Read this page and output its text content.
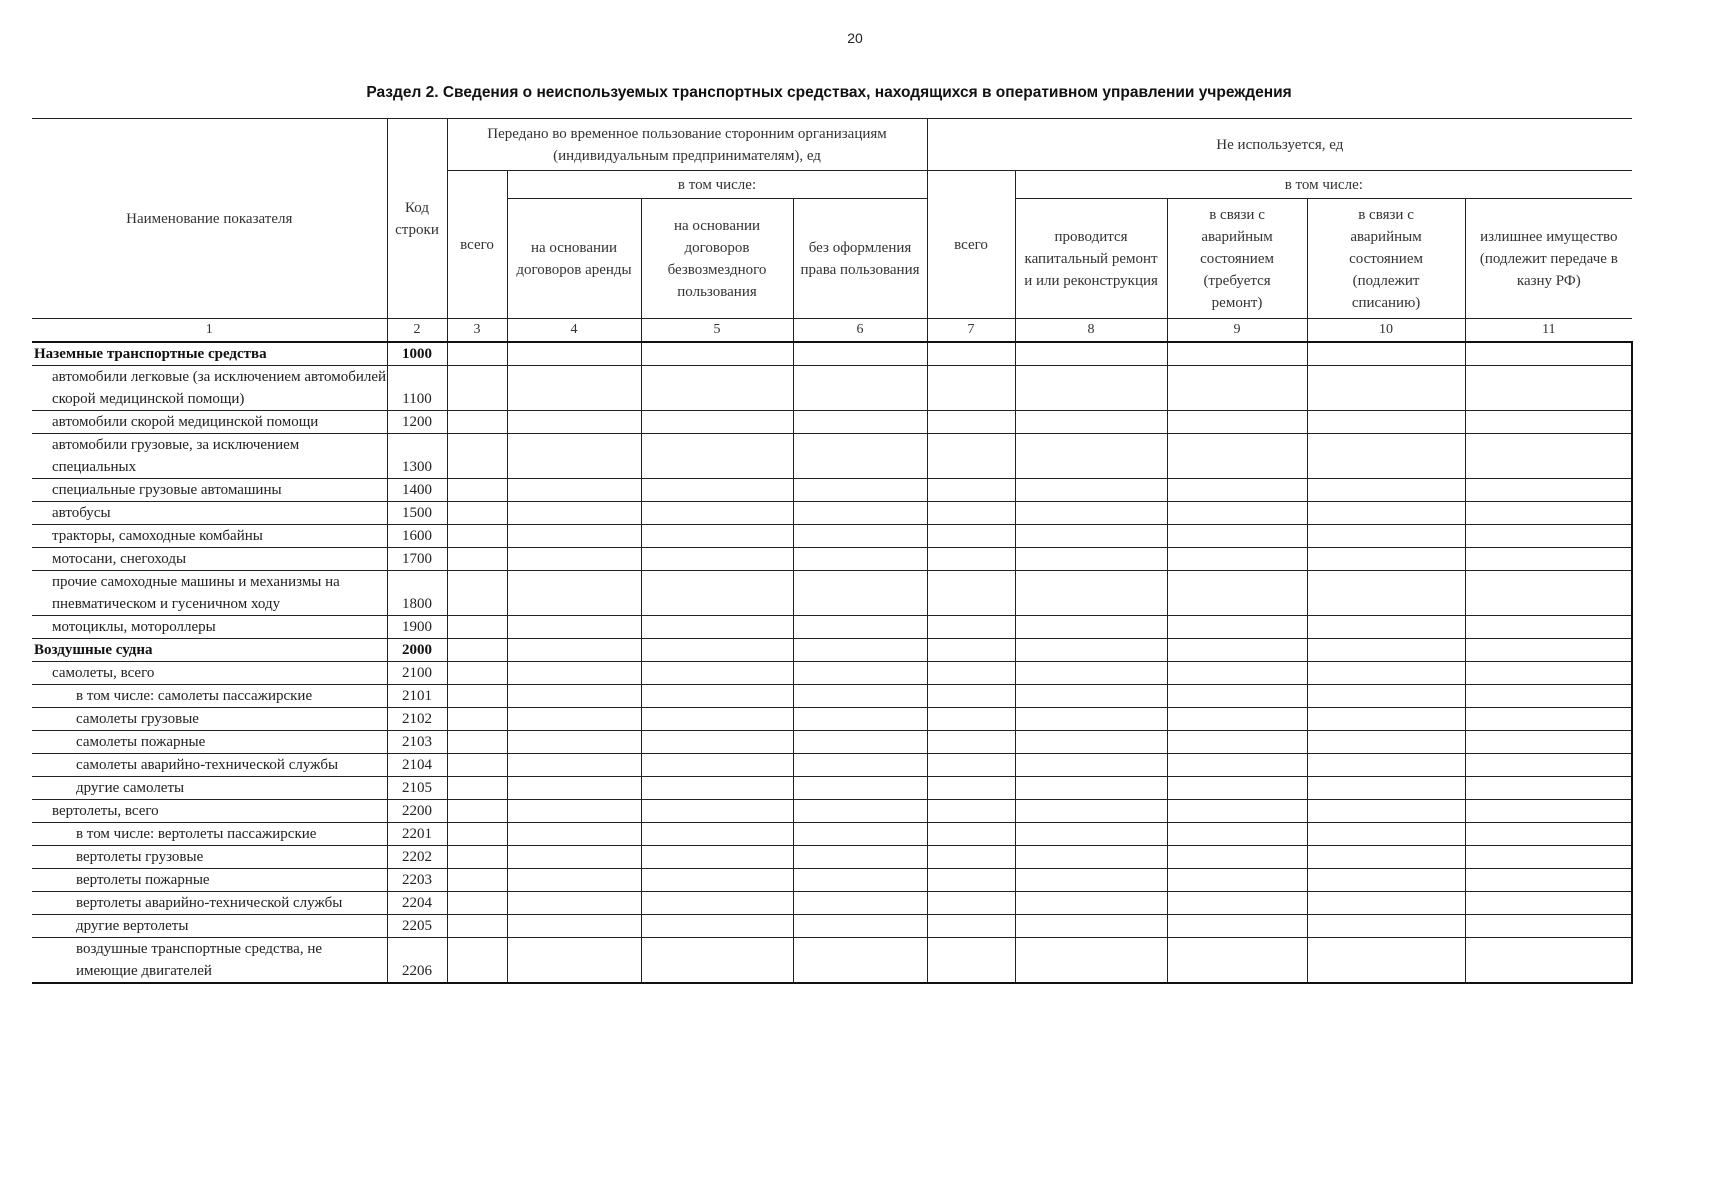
20
Раздел 2. Сведения о неиспользуемых транспортных средствах, находящихся в оперативном управлении учреждения
Наименование показателя	Код строки	Передано во временное пользование сторонним организациям (индивидуальным предпринимателям), ед				Не используется, ед				
		всего	в том числе:			всего	в том числе:			
			на основании договоров аренды	на основании договоров безвозмездного пользования	без оформления права пользования		проводится капитальный ремонт и или реконструкция	в связи с аварийным состоянием (требуется ремонт)	в связи с аварийным состоянием (подлежит списанию)	излишнее имущество (подлежит передаче в казну РФ)
1	2	3	4	5	6	7	8	9	10	11
Наземные транспортные средства	1000									
автомобили легковые (за исключением автомобилей скорой медицинской помощи)	1100									
автомобили скорой медицинской помощи	1200									
автомобили грузовые, за исключением специальных	1300									
специальные грузовые автомашины	1400									
автобусы	1500									
тракторы, самоходные комбайны	1600									
мотосани, снегоходы	1700									
прочие самоходные машины и механизмы на пневматическом и гусеничном ходу	1800									
мотоциклы, мотороллеры	1900									
Воздушные судна	2000									
самолеты, всего	2100									
в том числе: самолеты пассажирские	2101									
самолеты грузовые	2102									
самолеты пожарные	2103									
самолеты аварийно-технической службы	2104									
другие самолеты	2105									
вертолеты, всего	2200									
в том числе: вертолеты пассажирские	2201									
вертолеты грузовые	2202									
вертолеты пожарные	2203									
вертолеты аварийно-технической службы	2204									
другие вертолеты	2205									
воздушные транспортные средства, не имеющие двигателей	2206									
